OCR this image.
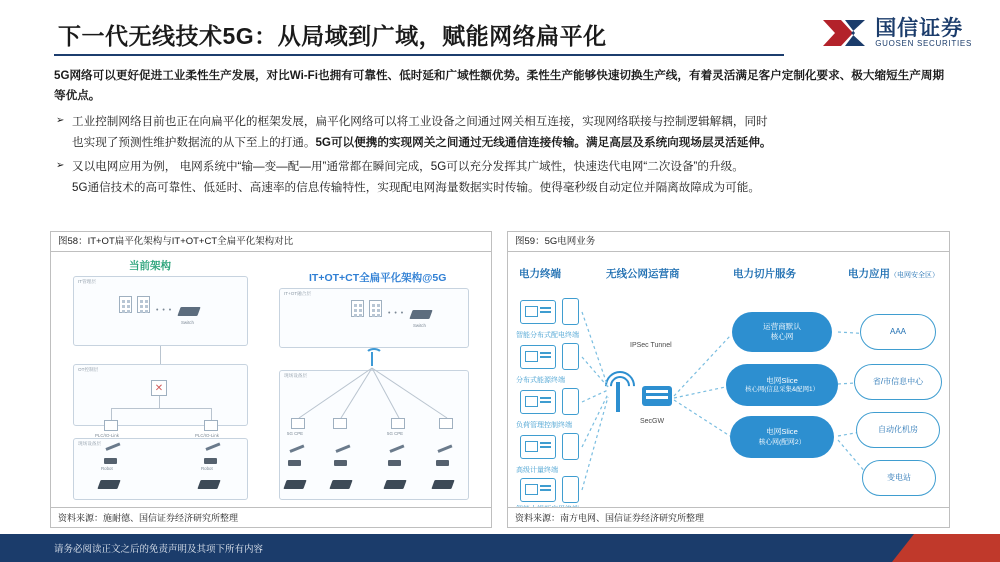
下一代无线技术5G：从局域到广域，赋能网络扁平化	国信证券
GUOSEN SECURITIES
5G网络可以更好促进工业柔性生产发展，对比Wi-Fi也拥有可靠性、低时延和广域性额优势。柔性生产能够快速切换生产线，有着灵活满足客户定制化要求、极大缩短生产周期等优点。
➢ 工业控制网络目前也正在向扁平化的框架发展，扁平化网络可以将工业设备之间通过网关相互连接，实现网络联接与控制逻辑解耦，同时
也实现了预测性维护数据流的从下至上的打通。5G可以便携的实现网关之间通过无线通信连接传输。满足高层及系统向现场层灵活延伸。
➢ 又以电网应用为例， 电网系统中“输—变—配—用”通常都在瞬间完成，5G可以充分发挥其广域性，快速迭代电网“二次设备”的升级。
5G通信技术的高可靠性、低延时、高速率的信息传输特性，实现配电网海量数据实时传输。使得毫秒级自动定位并隔离故障成为可能。
图58：IT+OT扁平化架构与IT+OT+CT全扁平化架构对比
当前架构
IT+OT+CT全扁平化架构@5G
IT管理层
• • •
Switch
OT控制层
✕
PLC/IO-Link	PLC/IO-Link
现场设备层
Robot	Robot
IT+OT融合层
• • •
Switch
现场设备层
5G CPE	5G CPE
资料来源：施耐德、国信证券经济研究所整理
图59：5G电网业务
电力终端	无线公网运营商	电力切片服务	电力应用（电网安全区）
智能分布式配电终端
分布式能源终端
负荷管理控制终端
高级计量终端
IPSec Tunnel
SecGW
运营商默认
核心网
电网Slice
核心网(信息采集&配网1）
电网Slice
核心网(配网2）
AAA
省/市信息中心
自动化机房
变电站
资料来源：南方电网、国信证券经济研究所整理
请务必阅读正文之后的免责声明及其项下所有内容
